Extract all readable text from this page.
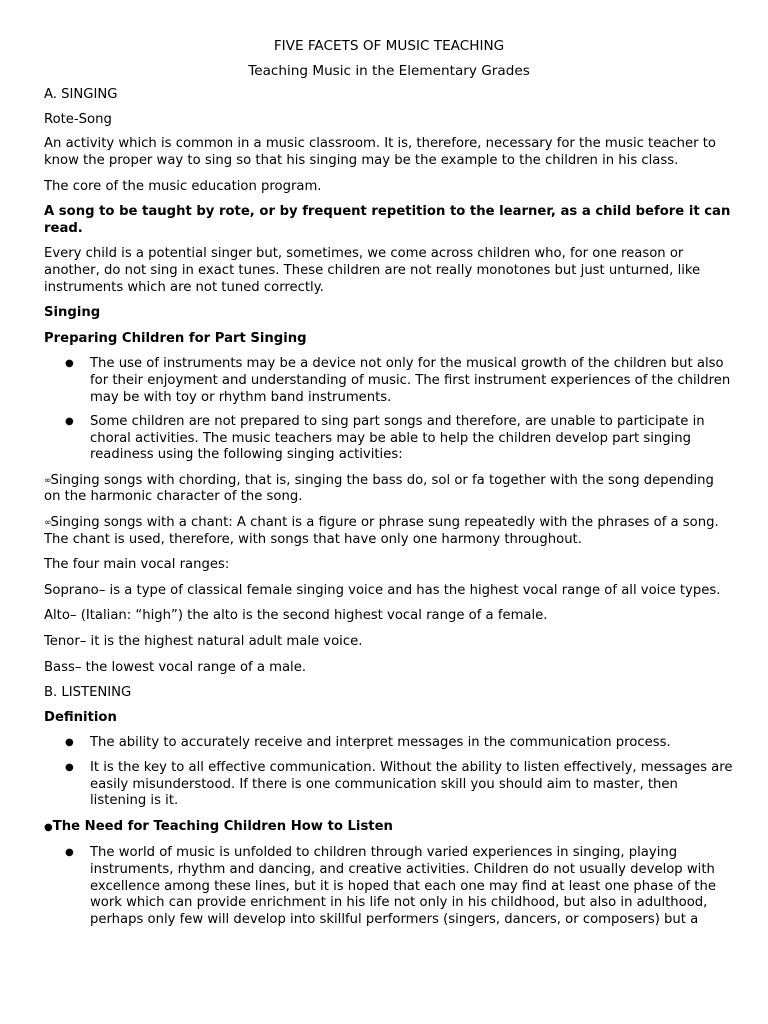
FIVE FACETS OF MUSIC TEACHING
Teaching Music in the Elementary Grades
A. SINGING
Rote-Song
An activity which is common in a music classroom. It is, therefore, necessary for the music teacher to know the proper way to sing so that his singing may be the example to the children in his class.
The core of the music education program.
A song to be taught by rote, or by frequent repetition to the learner, as a child before it can read.
Every child is a potential singer but, sometimes, we come across children who, for one reason or another, do not sing in exact tunes. These children are not really monotones but just unturned, like instruments which are not tuned correctly.
Singing
Preparing Children for Part Singing
● The use of instruments may be a device not only for the musical growth of the children but also for their enjoyment and understanding of music. The first instrument experiences of the children may be with toy or rhythm band instruments.
● Some children are not prepared to sing part songs and therefore, are unable to participate in choral activities. The music teachers may be able to help the children develop part singing readiness using the following singing activities:
∞Singing songs with chording, that is, singing the bass do, sol or fa together with the song depending on the harmonic character of the song.
∞Singing songs with a chant: A chant is a figure or phrase sung repeatedly with the phrases of a song. The chant is used, therefore, with songs that have only one harmony throughout.
The four main vocal ranges:
Soprano– is a type of classical female singing voice and has the highest vocal range of all voice types.
Alto– (Italian: “high”) the alto is the second highest vocal range of a female.
Tenor– it is the highest natural adult male voice.
Bass– the lowest vocal range of a male.
B. LISTENING
Definition
● The ability to accurately receive and interpret messages in the communication process.
● It is the key to all effective communication. Without the ability to listen effectively, messages are easily misunderstood. If there is one communication skill you should aim to master, then listening is it.
●The Need for Teaching Children How to Listen
● The world of music is unfolded to children through varied experiences in singing, playing instruments, rhythm and dancing, and creative activities. Children do not usually develop with excellence among these lines, but it is hoped that each one may find at least one phase of the work which can provide enrichment in his life not only in his childhood, but also in adulthood, perhaps only few will develop into skillful performers (singers, dancers, or composers) but a
